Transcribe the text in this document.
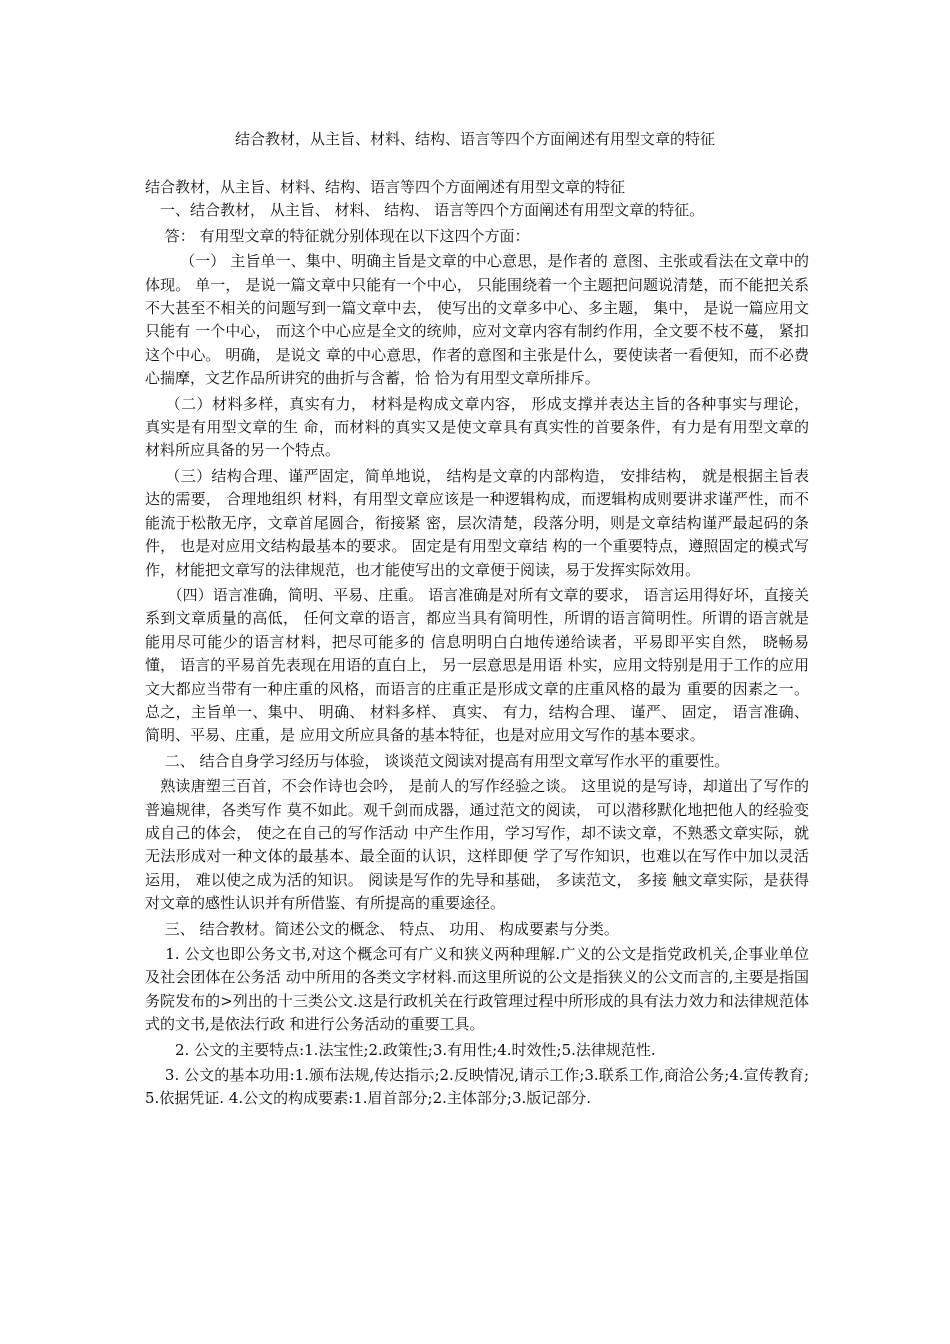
结合教材，从主旨、材料、结构、语言等四个方面阐述有用型文章的特征

结合教材，从主旨、材料、结构、语言等四个方面阐述有用型文章的特征

　一、结合教材， 从主旨、 材料、 结构、 语言等四个方面阐述有用型文章的特征。

　 答： 有用型文章的特征就分别体现在以下这四个方面：

　　 （一） 主旨单一、集中、明确主旨是文章的中心意思，是作者的 意图、主张或看法在文章中的体现。 单一， 是说一篇文章中只能有一个中心， 只能围绕着一个主题把问题说清楚，而不能把关系不大甚至不相关的问题写到一篇文章中去， 使写出的文章多中心、多主题， 集中， 是说一篇应用文只能有 一个中心， 而这个中心应是全文的统帅，应对文章内容有制约作用，全文要不枝不蔓， 紧扣这个中心。 明确， 是说文 章的中心意思，作者的意图和主张是什么，要使读者一看便知，而不必费心揣摩，文艺作品所讲究的曲折与含蓄，恰 恰为有用型文章所排斥。

　 （二）材料多样，真实有力， 材料是构成文章内容， 形成支撑并表达主旨的各种事实与理论， 真实是有用型文章的生 命，而材料的真实又是使文章具有真实性的首要条件，有力是有用型文章的材料所应具备的另一个特点。

　 （三）结构合理、谨严固定，简单地说， 结构是文章的内部构造， 安排结构， 就是根据主旨表达的需要， 合理地组织 材料，有用型文章应该是一种逻辑构成，而逻辑构成则要讲求谨严性，而不能流于松散无序，文章首尾圆合，衔接紧 密，层次清楚，段落分明，则是文章结构谨严最起码的条件， 也是对应用文结构最基本的要求。 固定是有用型文章结 构的一个重要特点，遵照固定的模式写作，材能把文章写的法律规范，也才能使写出的文章便于阅读，易于发挥实际效用。

　　（四）语言准确，简明、平易、庄重。 语言准确是对所有文章的要求， 语言运用得好坏，直接关系到文章质量的高低， 任何文章的语言，都应当具有简明性，所谓的语言简明性。所谓的语言就是能用尽可能少的语言材料，把尽可能多的 信息明明白白地传递给读者，平易即平实自然， 晓畅易懂， 语言的平易首先表现在用语的直白上， 另一层意思是用语 朴实，应用文特别是用于工作的应用文大都应当带有一种庄重的风格，而语言的庄重正是形成文章的庄重风格的最为 重要的因素之一。 总之，主旨单一、集中、 明确、 材料多样、 真实、 有力，结构合理、 谨严、 固定， 语言准确、 简明、平易、庄重，是 应用文所应具备的基本特征，也是对应用文写作的基本要求。

　 二、 结合自身学习经历与体验， 谈谈范文阅读对提高有用型文章写作水平的重要性。

　熟读唐塑三百首，不会作诗也会吟， 是前人的写作经验之谈。 这里说的是写诗，却道出了写作的普遍规律，各类写作 莫不如此。观千剑而成器，通过范文的阅读， 可以潜移默化地把他人的经验变成自己的体会， 使之在自己的写作活动 中产生作用，学习写作，却不读文章，不熟悉文章实际，就无法形成对一种文体的最基本、最全面的认识，这样即便 学了写作知识，也难以在写作中加以灵活运用， 难以使之成为活的知识。 阅读是写作的先导和基础， 多读范文， 多接 触文章实际，是获得对文章的感性认识并有所借鉴、有所提高的重要途径。

　 三、 结合教材。简述公文的概念、 特点、 功用、 构成要素与分类。

　 1. 公文也即公务文书,对这个概念可有广义和狭义两种理解.广义的公文是指党政机关,企事业单位及社会团体在公务活 动中所用的各类文字材料.而这里所说的公文是指狭义的公文而言的,主要是指国务院发布的>列出的十三类公文.这是行政机关在行政管理过程中所形成的具有法力效力和法律规范体式的文书,是依法行政 和进行公务活动的重要工具。

　　2. 公文的主要特点:1.法宝性;2.政策性;3.有用性;4.时效性;5.法律规范性.

　 3. 公文的基本功用:1.颁布法规,传达指示;2.反映情况,请示工作;3.联系工作,商洽公务;4.宣传教育;5.依据凭证. 4.公文的构成要素:1.眉首部分;2.主体部分;3.版记部分.
